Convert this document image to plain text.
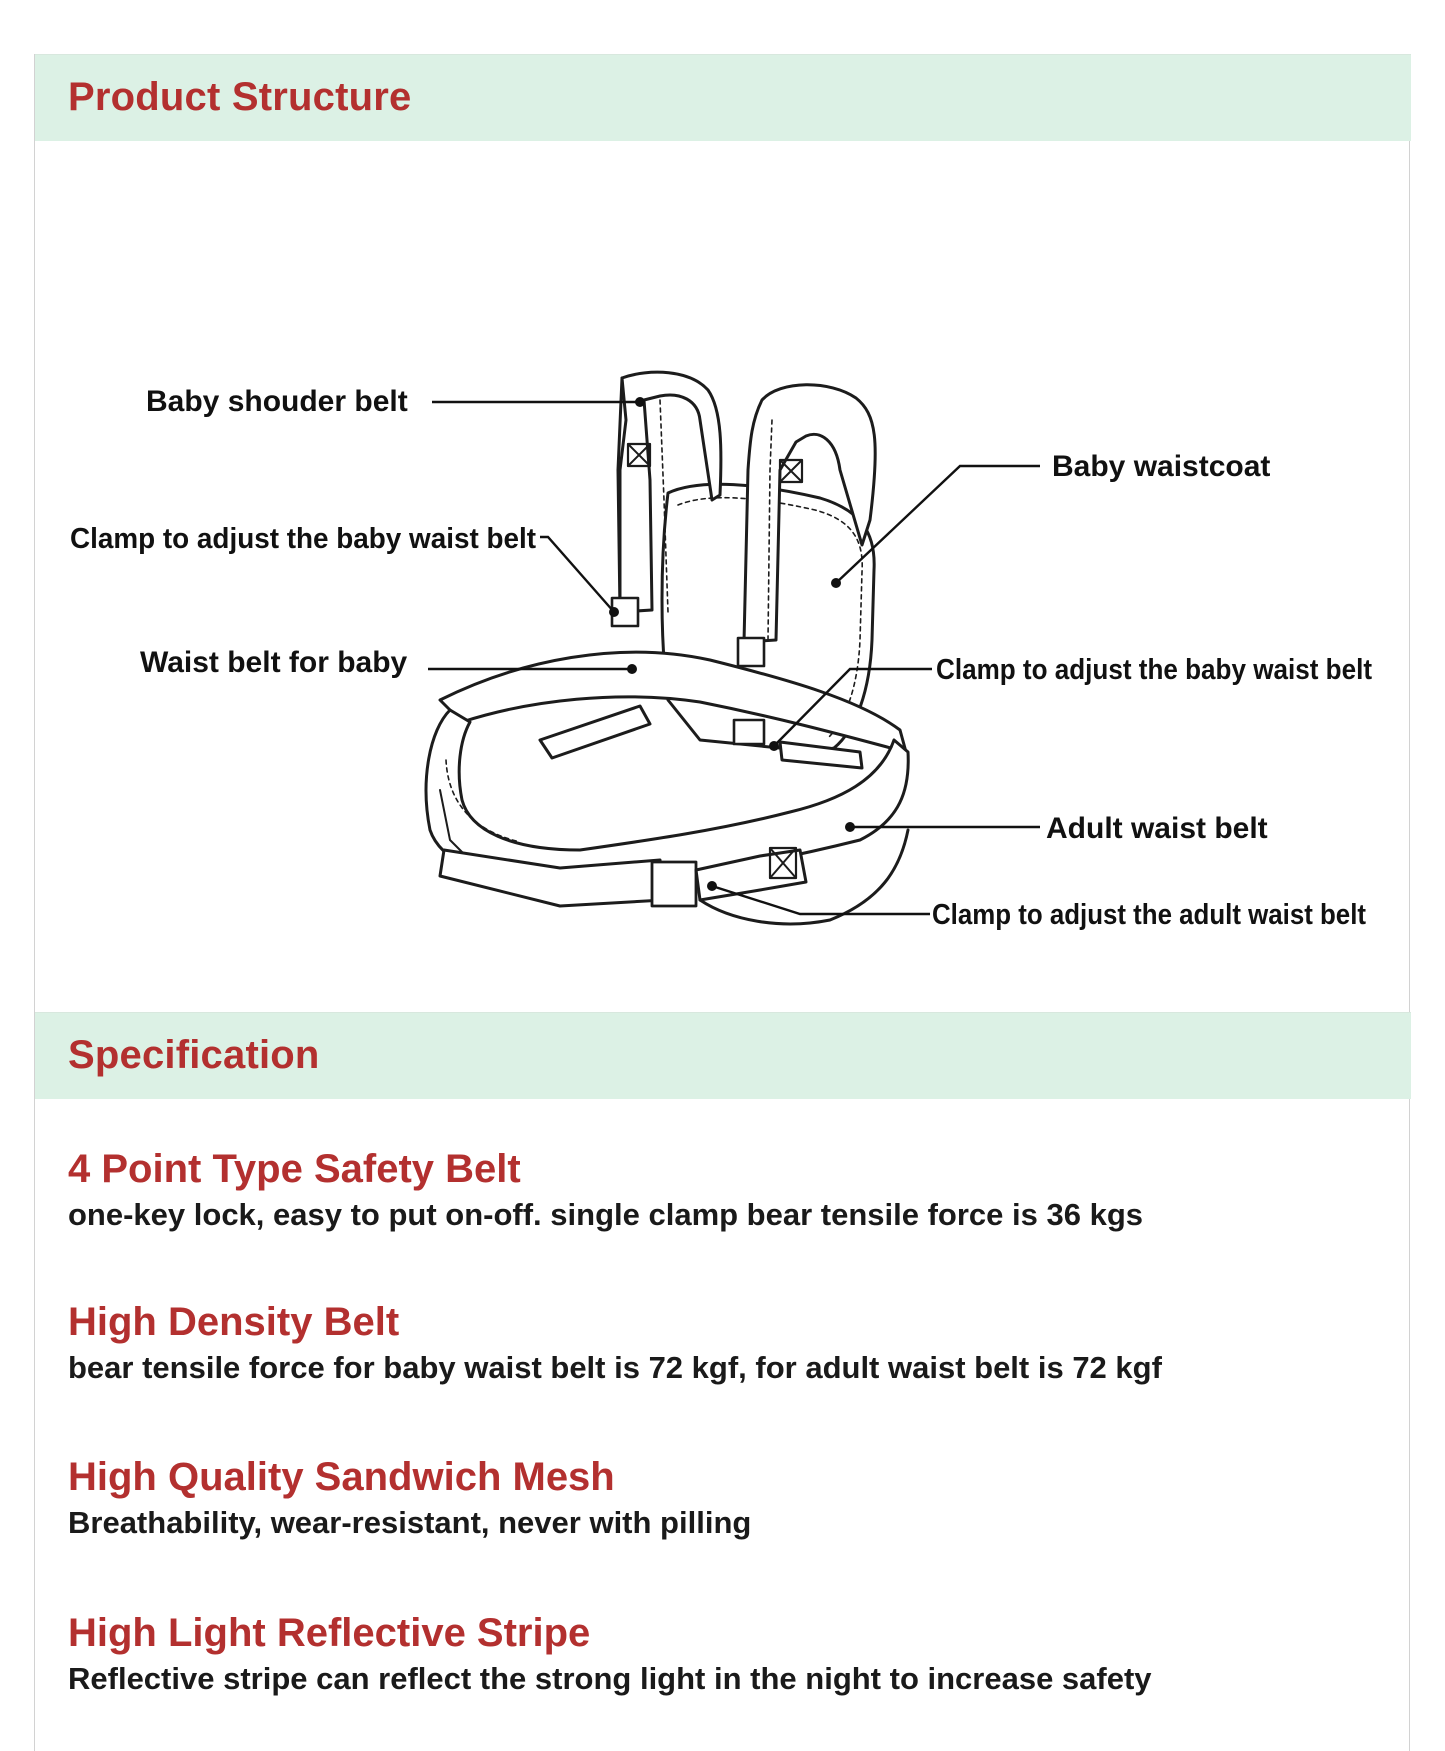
Product Structure
Specification
Baby shouder belt
Clamp to adjust the baby waist belt
Waist belt for baby
Baby waistcoat
Clamp to adjust the baby waist belt
Adult waist belt
Clamp to adjust the adult waist belt
4 Point Type Safety Belt
one-key lock, easy to put on-off. single clamp bear tensile force is 36 kgs
High Density Belt
bear tensile force for baby waist belt is 72 kgf, for adult waist belt is 72 kgf
High Quality Sandwich Mesh
Breathability, wear-resistant, never with pilling
High Light Reflective Stripe
Reflective stripe can reflect the strong light in the night to increase safety
